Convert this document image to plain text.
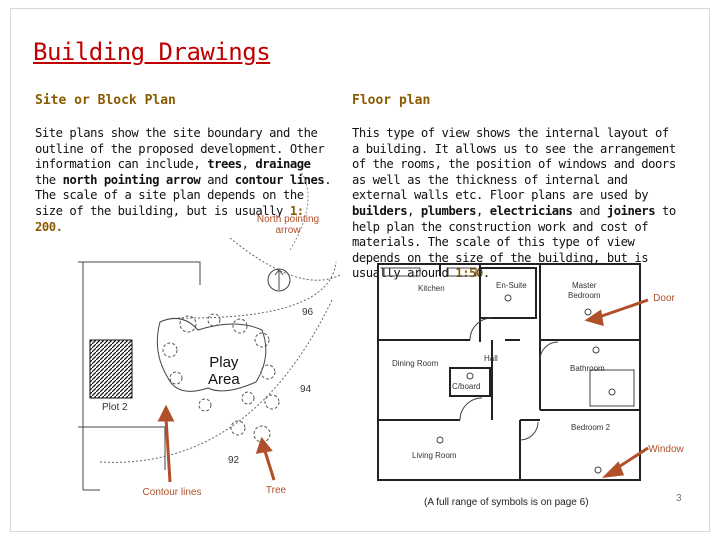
Building Drawings
Site or Block Plan	Floor plan

Site plans show the site boundary and the outline of the proposed development. Other information can include, trees, drainage the north pointing arrow and contour lines. The scale of a site plan depends on the size of the building, but is usually 1: 200.

This type of view shows the internal layout of a building. It allows us to see the arrangement of the rooms, the position of windows and doors as well as the thickness of internal and external walls etc. Floor plans are used by builders, plumbers, electricians and joiners to help plan the construction work and cost of materials. The scale of this type of view depends on the size of the building, but is usually around 1:50.

North pointing
arrow
Play
Area
96
94
92
Plot 2
Contour lines	Tree
Kitchen	En-Suite	Master
Bedroom
Dining Room
Hall
C/board
Bathroom
Bedroom 2
Living Room
Door
Window
(A full range of symbols is on page 6)	3
